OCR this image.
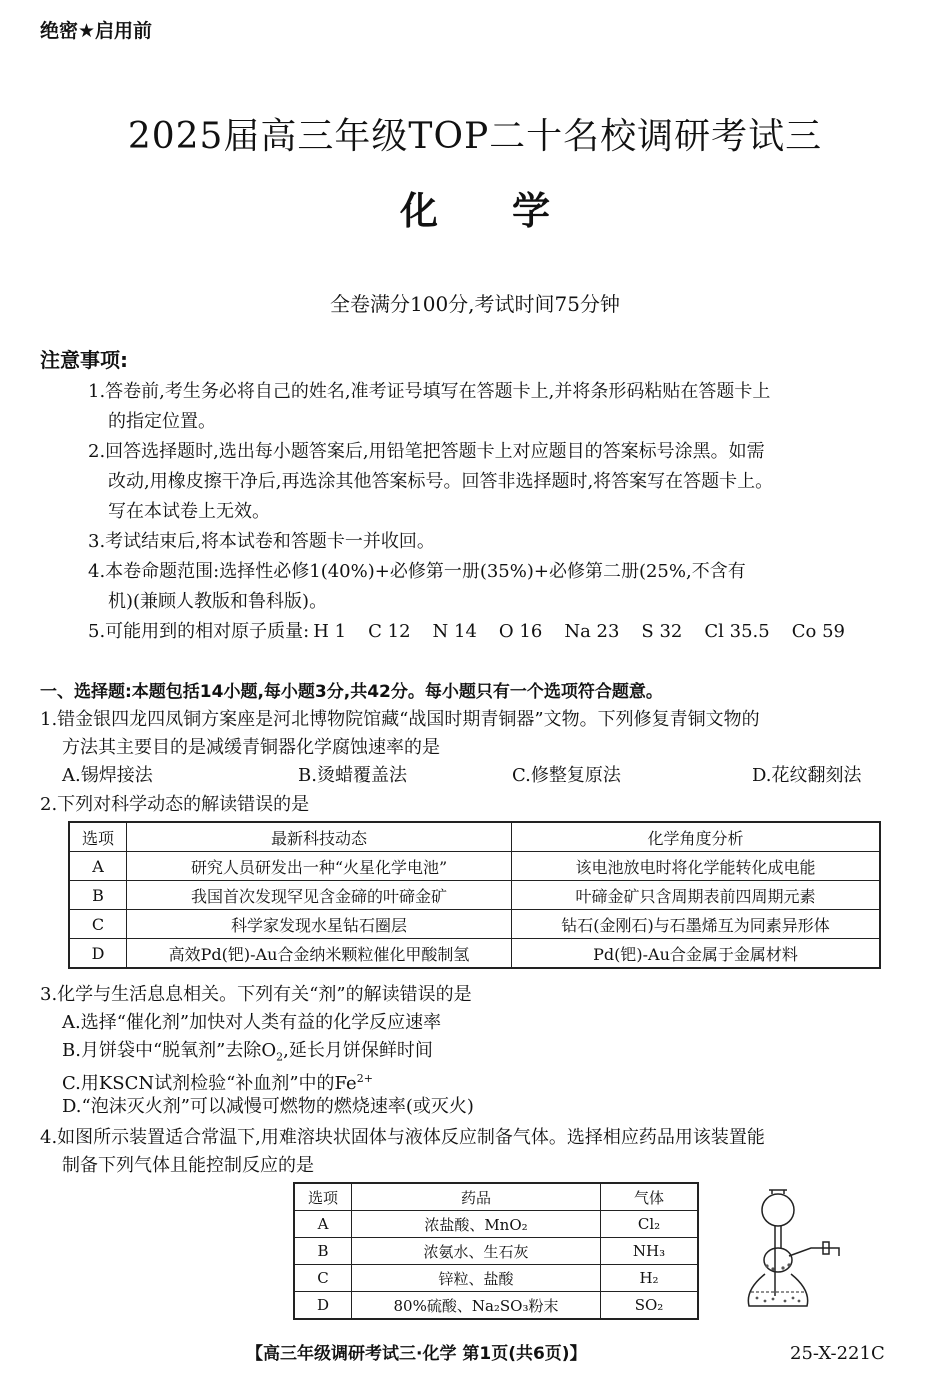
绝密★启用前
2025届高三年级TOP二十名校调研考试三
化 学
全卷满分100分,考试时间75分钟
注意事项:
1.答卷前,考生务必将自己的姓名,准考证号填写在答题卡上,并将条形码粘贴在答题卡上
的指定位置。
2.回答选择题时,选出每小题答案后,用铅笔把答题卡上对应题目的答案标号涂黑。如需
改动,用橡皮擦干净后,再选涂其他答案标号。回答非选择题时,将答案写在答题卡上。
写在本试卷上无效。
3.考试结束后,将本试卷和答题卡一并收回。
4.本卷命题范围:选择性必修1(40%)+必修第一册(35%)+必修第二册(25%,不含有
机)(兼顾人教版和鲁科版)。
5.可能用到的相对原子质量: H 1 C 12 N 14 O 16 Na 23 S 32 Cl 35.5 Co 59
一、选择题:本题包括14小题,每小题3分,共42分。每小题只有一个选项符合题意。
1.错金银四龙四凤铜方案座是河北博物院馆藏“战国时期青铜器”文物。下列修复青铜文物的
方法其主要目的是减缓青铜器化学腐蚀速率的是
A.锡焊接法	B.烫蜡覆盖法	C.修整复原法	D.花纹翻刻法
2.下列对科学动态的解读错误的是
选项	最新科技动态	化学角度分析
A	研究人员研发出一种“火星化学电池”	该电池放电时将化学能转化成电能
B	我国首次发现罕见含金碲的叶碲金矿	叶碲金矿只含周期表前四周期元素
C	科学家发现水星钻石圈层	钻石(金刚石)与石墨烯互为同素异形体
D	高效Pd(钯)-Au合金纳米颗粒催化甲酸制氢	Pd(钯)-Au合金属于金属材料
3.化学与生活息息相关。下列有关“剂”的解读错误的是
A.选择“催化剂”加快对人类有益的化学反应速率
B.月饼袋中“脱氧剂”去除$O_2$,延长月饼保鲜时间
C.用KSCN试剂检验“补血剂”中的$Fe^{2+}$
D.“泡沫灭火剂”可以减慢可燃物的燃烧速率(或灭火)
4.如图所示装置适合常温下,用难溶块状固体与液体反应制备气体。选择相应药品用该装置能
制备下列气体且能控制反应的是
选项	药品	气体
A	浓盐酸、MnO₂	Cl₂
B	浓氨水、生石灰	NH₃
C	锌粒、盐酸	H₂
D	80%硫酸、Na₂SO₃粉末	SO₂
【高三年级调研考试三·化学 第1页(共6页)】	25-X-221C
